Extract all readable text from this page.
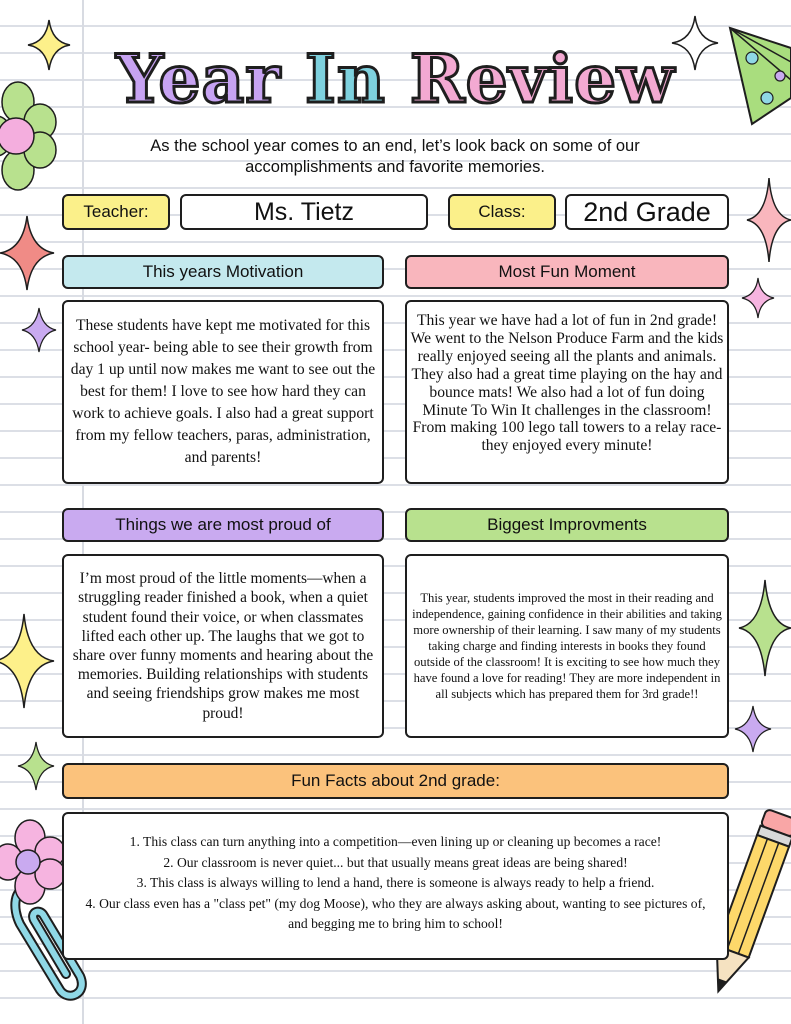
Year In Review
As the school year comes to an end, let’s look back on some of our accomplishments and favorite memories.
Teacher:	Ms. Tietz	Class:	2nd Grade
This years Motivation	Most Fun Moment
These students have kept me motivated for this school year- being able to see their growth from day 1 up until now makes me want to see out the best for them! I love to see how hard they can work to achieve goals. I also had a great support from my fellow teachers, paras, administration, and parents!
This year we have had a lot of fun in 2nd grade! We went to the Nelson Produce Farm and the kids really enjoyed seeing all the plants and animals. They also had a great time playing on the hay and bounce mats! We also had a lot of fun doing Minute To Win It challenges in the classroom! From making 100 lego tall towers to a relay race- they enjoyed every minute!
Things we are most proud of	Biggest Improvments
I’m most proud of the little moments—when a struggling reader finished a book, when a quiet student found their voice, or when classmates lifted each other up. The laughs that we got to share over funny moments and hearing about the memories. Building relationships with students and seeing friendships grow makes me most proud!
This year, students improved the most in their reading and independence, gaining confidence in their abilities and taking more ownership of their learning. I saw many of my students taking charge and finding interests in books they found outside of the classroom! It is exciting to see how much they have found a love for reading! They are more independent in all subjects which has prepared them for 3rd grade!!
Fun Facts about 2nd grade:

1. This class can turn anything into a competition—even lining up or cleaning up becomes a race!

2. Our classroom is never quiet... but that usually means great ideas are being shared!

3. This class is always willing to lend a hand, there is someone is always ready to help a friend.

4. Our class even has a "class pet" (my dog Moose), who they are always asking about, wanting to see pictures of, and begging me to bring him to school!
